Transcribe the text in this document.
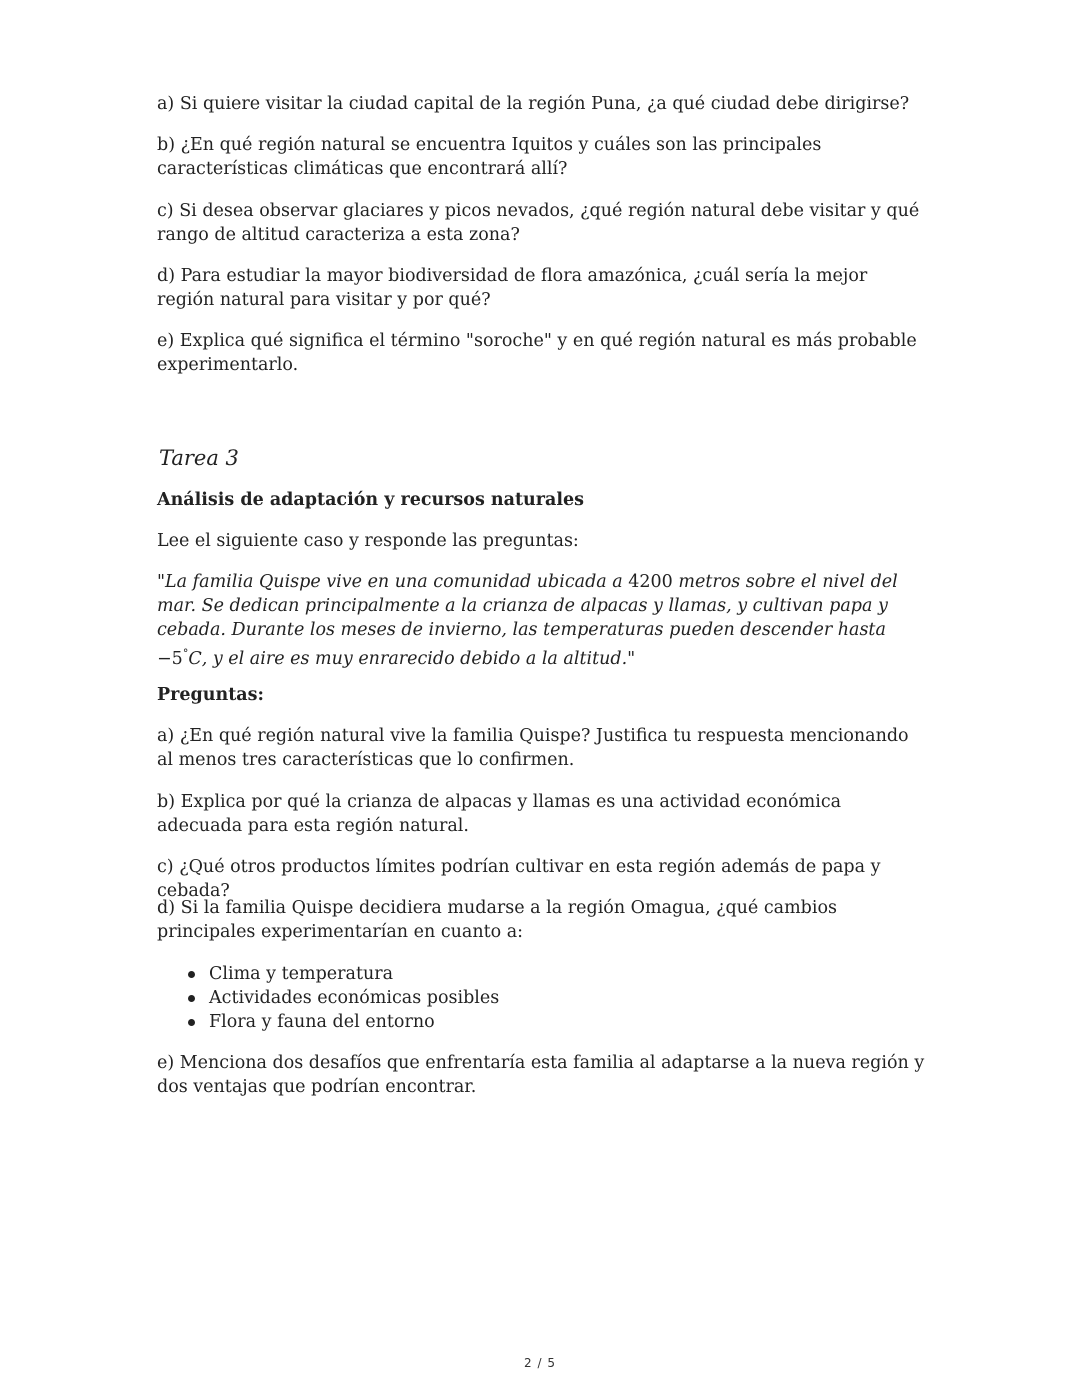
a) Si quiere visitar la ciudad capital de la región Puna, ¿a qué ciudad debe dirigirse?

b) ¿En qué región natural se encuentra Iquitos y cuáles son las principales características climáticas que encontrará allí?

c) Si desea observar glaciares y picos nevados, ¿qué región natural debe visitar y qué rango de altitud caracteriza a esta zona?

d) Para estudiar la mayor biodiversidad de flora amazónica, ¿cuál sería la mejor región natural para visitar y por qué?

e) Explica qué significa el término "soroche" y en qué región natural es más probable experimentarlo.

Tarea 3

Análisis de adaptación y recursos naturales

Lee el siguiente caso y responde las preguntas:

"La familia Quispe vive en una comunidad ubicada a 4200 metros sobre el nivel del mar. Se dedican principalmente a la crianza de alpacas y llamas, y cultivan papa y cebada. Durante los meses de invierno, las temperaturas pueden descender hasta −5°C, y el aire es muy enrarecido debido a la altitud."

Preguntas:

a) ¿En qué región natural vive la familia Quispe? Justifica tu respuesta mencionando al menos tres características que lo confirmen.

b) Explica por qué la crianza de alpacas y llamas es una actividad económica adecuada para esta región natural.

c) ¿Qué otros productos límites podrían cultivar en esta región además de papa y cebada?

d) Si la familia Quispe decidiera mudarse a la región Omagua, ¿qué cambios principales experimentarían en cuanto a:

Clima y temperatura
Actividades económicas posibles
Flora y fauna del entorno

e) Menciona dos desafíos que enfrentaría esta familia al adaptarse a la nueva región y dos ventajas que podrían encontrar.

2 / 5
